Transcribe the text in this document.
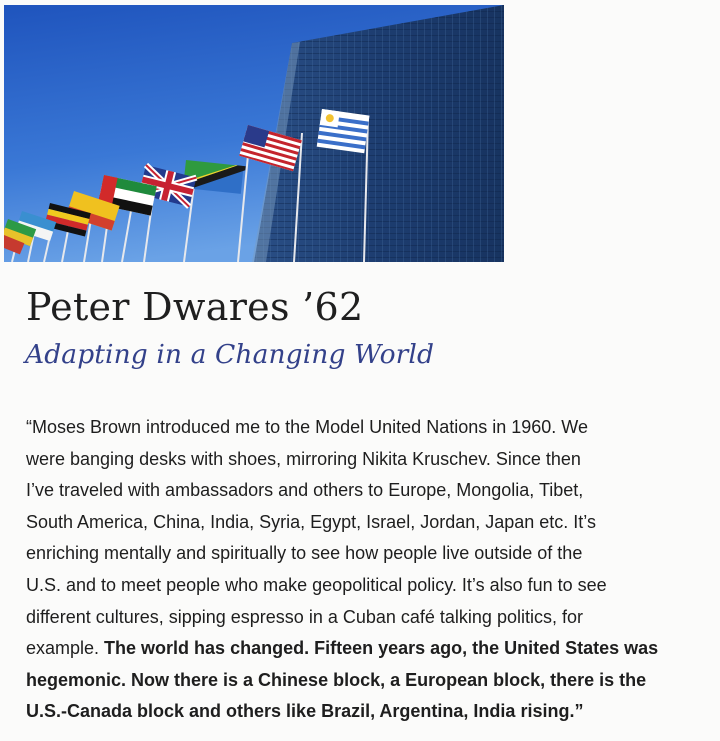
Peter Dwares ’62
Adapting in a Changing World

“Moses Brown introduced me to the Model United Nations in 1960. We
were banging desks with shoes, mirroring Nikita Kruschev. Since then
I’ve traveled with ambassadors and others to Europe, Mongolia, Tibet,
South America, China, India, Syria, Egypt, Israel, Jordan, Japan etc. It’s
enriching mentally and spiritually to see how people live outside of the
U.S. and to meet people who make geopolitical policy. It’s also fun to see
different cultures, sipping espresso in a Cuban café talking politics, for
example. The world has changed. Fifteen years ago, the United States was
hegemonic. Now there is a Chinese block, a European block, there is the
U.S.-Canada block and others like Brazil, Argentina, India rising.”
